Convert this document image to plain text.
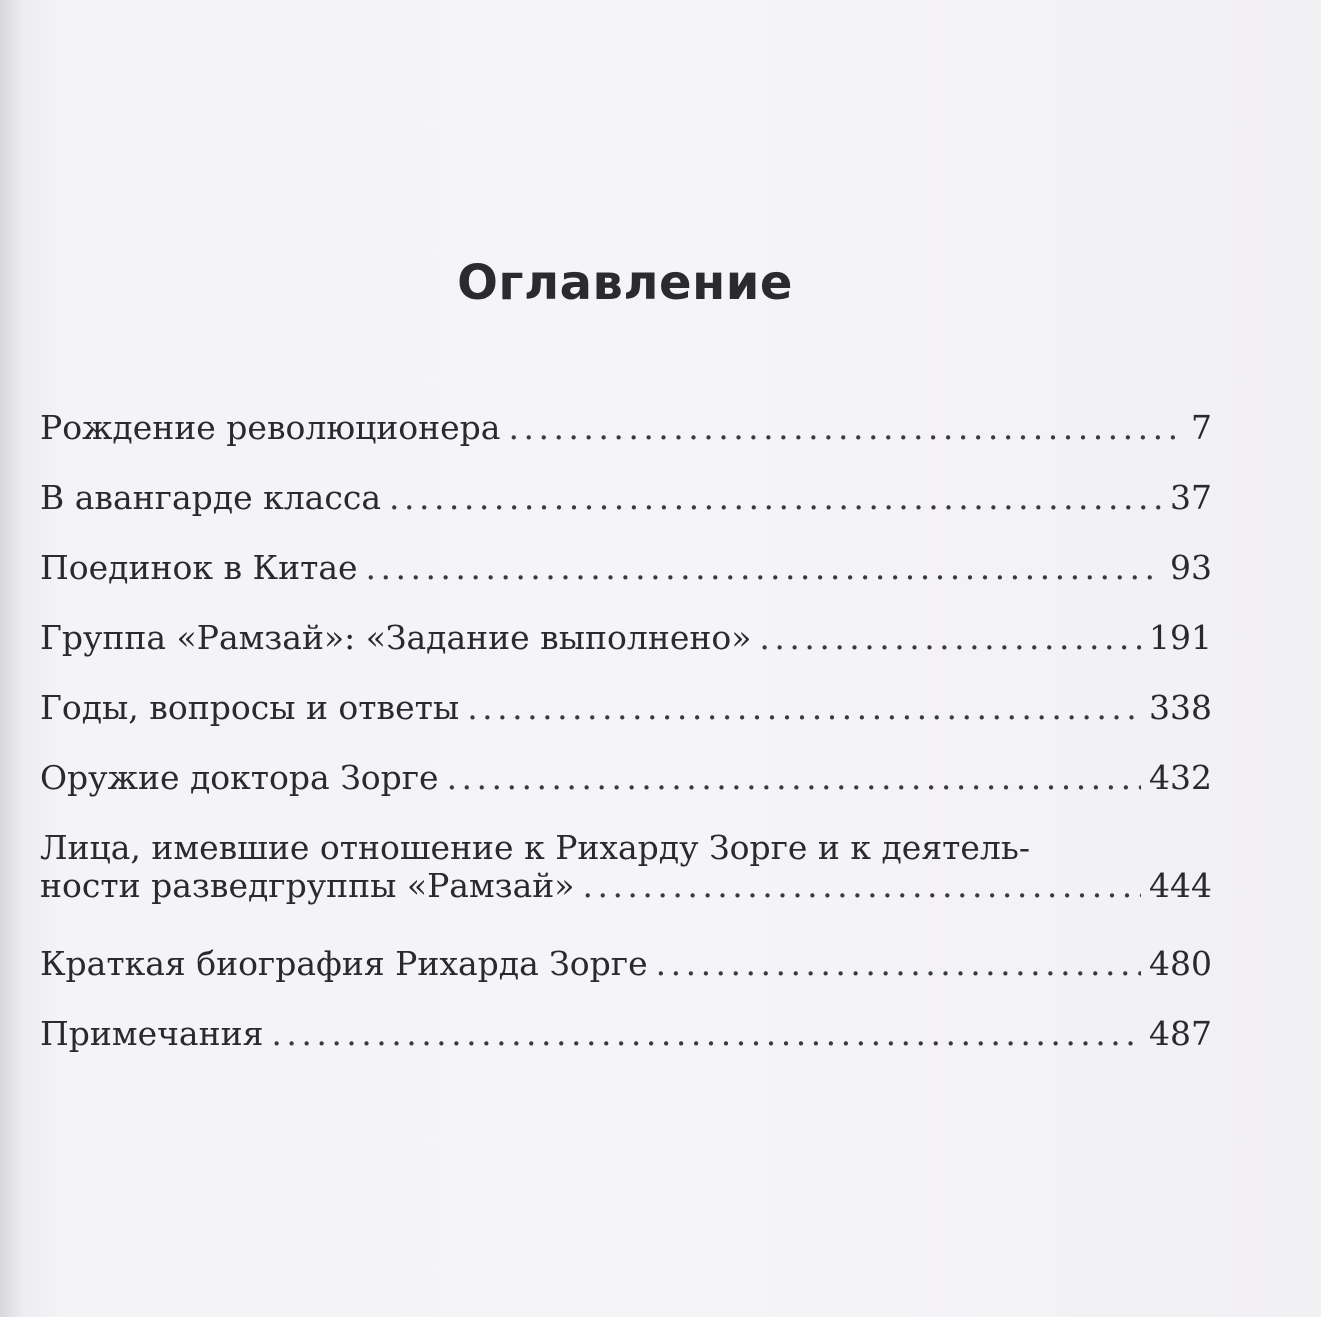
Оглавление
Рождение революционера . . .	7
В авангарде класса . . .	37
Поединок в Китае . . .	93
Группа «Рамзай»: «Задание выполнено» . . .	191
Годы, вопросы и ответы . . .	338
Оружие доктора Зорге . . .	432
Лица, имевшие отношение к Рихарду Зорге и к деятель-
ности разведгруппы «Рамзай» . . .	444
Краткая биография Рихарда Зорге . . .	480
Примечания . . .	487
